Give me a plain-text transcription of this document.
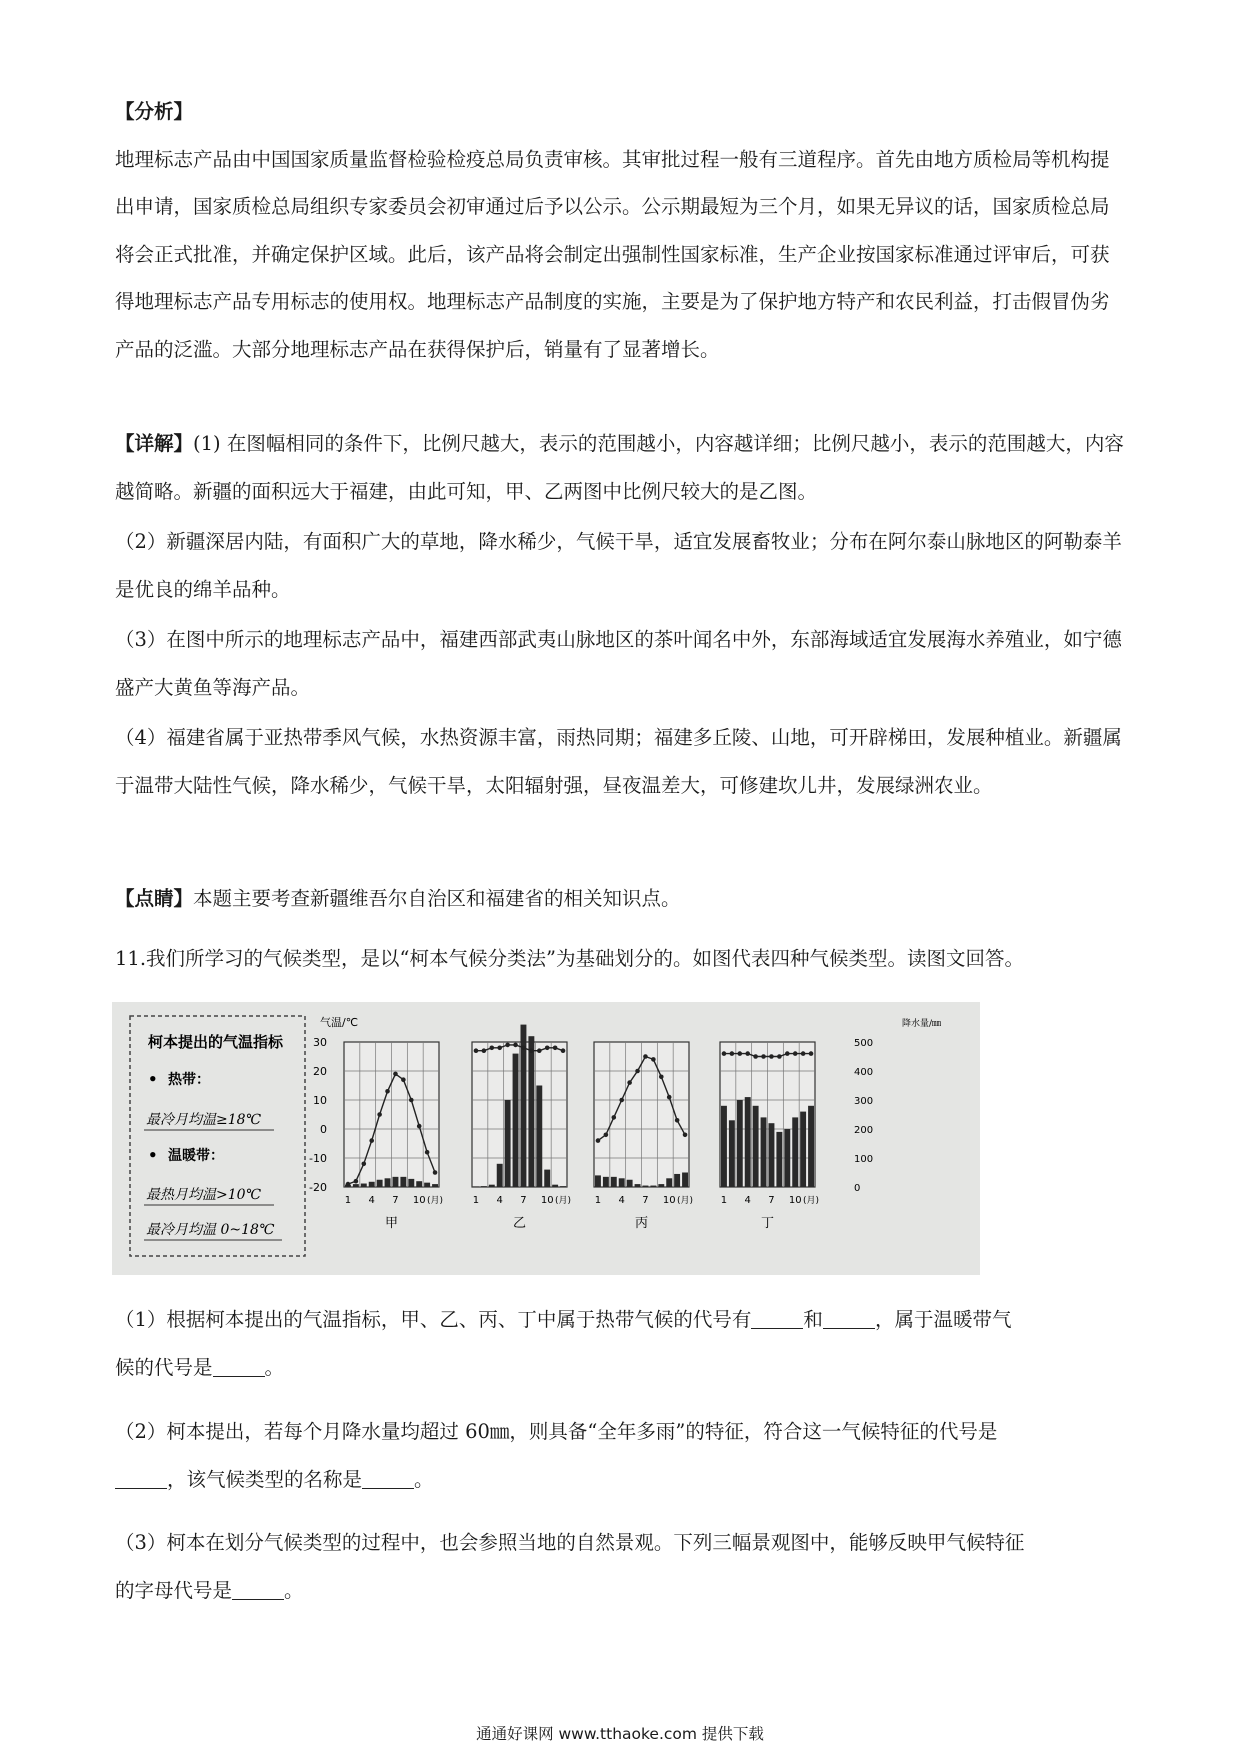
【分析】
地理标志产品由中国国家质量监督检验检疫总局负责审核。其审批过程一般有三道程序。首先由地方质检局等机构提出申请，国家质检总局组织专家委员会初审通过后予以公示。公示期最短为三个月，如果无异议的话，国家质检总局将会正式批准，并确定保护区域。此后，该产品将会制定出强制性国家标准，生产企业按国家标准通过评审后，可获得地理标志产品专用标志的使用权。地理标志产品制度的实施，主要是为了保护地方特产和农民利益，打击假冒伪劣产品的泛滥。大部分地理标志产品在获得保护后，销量有了显著增长。
【详解】(1) 在图幅相同的条件下，比例尺越大，表示的范围越小，内容越详细；比例尺越小，表示的范围越大，内容越简略。新疆的面积远大于福建，由此可知，甲、乙两图中比例尺较大的是乙图。
（2）新疆深居内陆，有面积广大的草地，降水稀少，气候干旱，适宜发展畜牧业；分布在阿尔泰山脉地区的阿勒泰羊是优良的绵羊品种。
（3）在图中所示的地理标志产品中，福建西部武夷山脉地区的茶叶闻名中外，东部海域适宜发展海水养殖业，如宁德盛产大黄鱼等海产品。
（4）福建省属于亚热带季风气候，水热资源丰富，雨热同期；福建多丘陵、山地，可开辟梯田，发展种植业。新疆属于温带大陆性气候，降水稀少，气候干旱，太阳辐射强，昼夜温差大，可修建坎儿井，发展绿洲农业。
【点睛】本题主要考查新疆维吾尔自治区和福建省的相关知识点。
11.我们所学习的气候类型，是以“柯本气候分类法”为基础划分的。如图代表四种气候类型。读图文回答。
柯本提出的气温指标
• 热带：
最冷月均温≥18℃
• 温暖带：
最热月均温>10℃
最冷月均温 0~18℃
气温/℃	降水量/㎜
30
20
10
0
-10
-20
500
400
300
200
100
0
1 4 7 10 (月)
甲
1 4 7 10 (月)
乙
1 4 7 10 (月)
丙
1 4 7 10 (月)
丁
（1）根据柯本提出的气温指标，甲、乙、丙、丁中属于热带气候的代号有	和	，属于温暖带气
候的代号是	。
（2）柯本提出，若每个月降水量均超过 60㎜，则具备“全年多雨”的特征，符合这一气候特征的代号是
，该气候类型的名称是	。
（3）柯本在划分气候类型的过程中，也会参照当地的自然景观。下列三幅景观图中，能够反映甲气候特征
的字母代号是	。
通通好课网 www.tthaoke.com 提供下载
